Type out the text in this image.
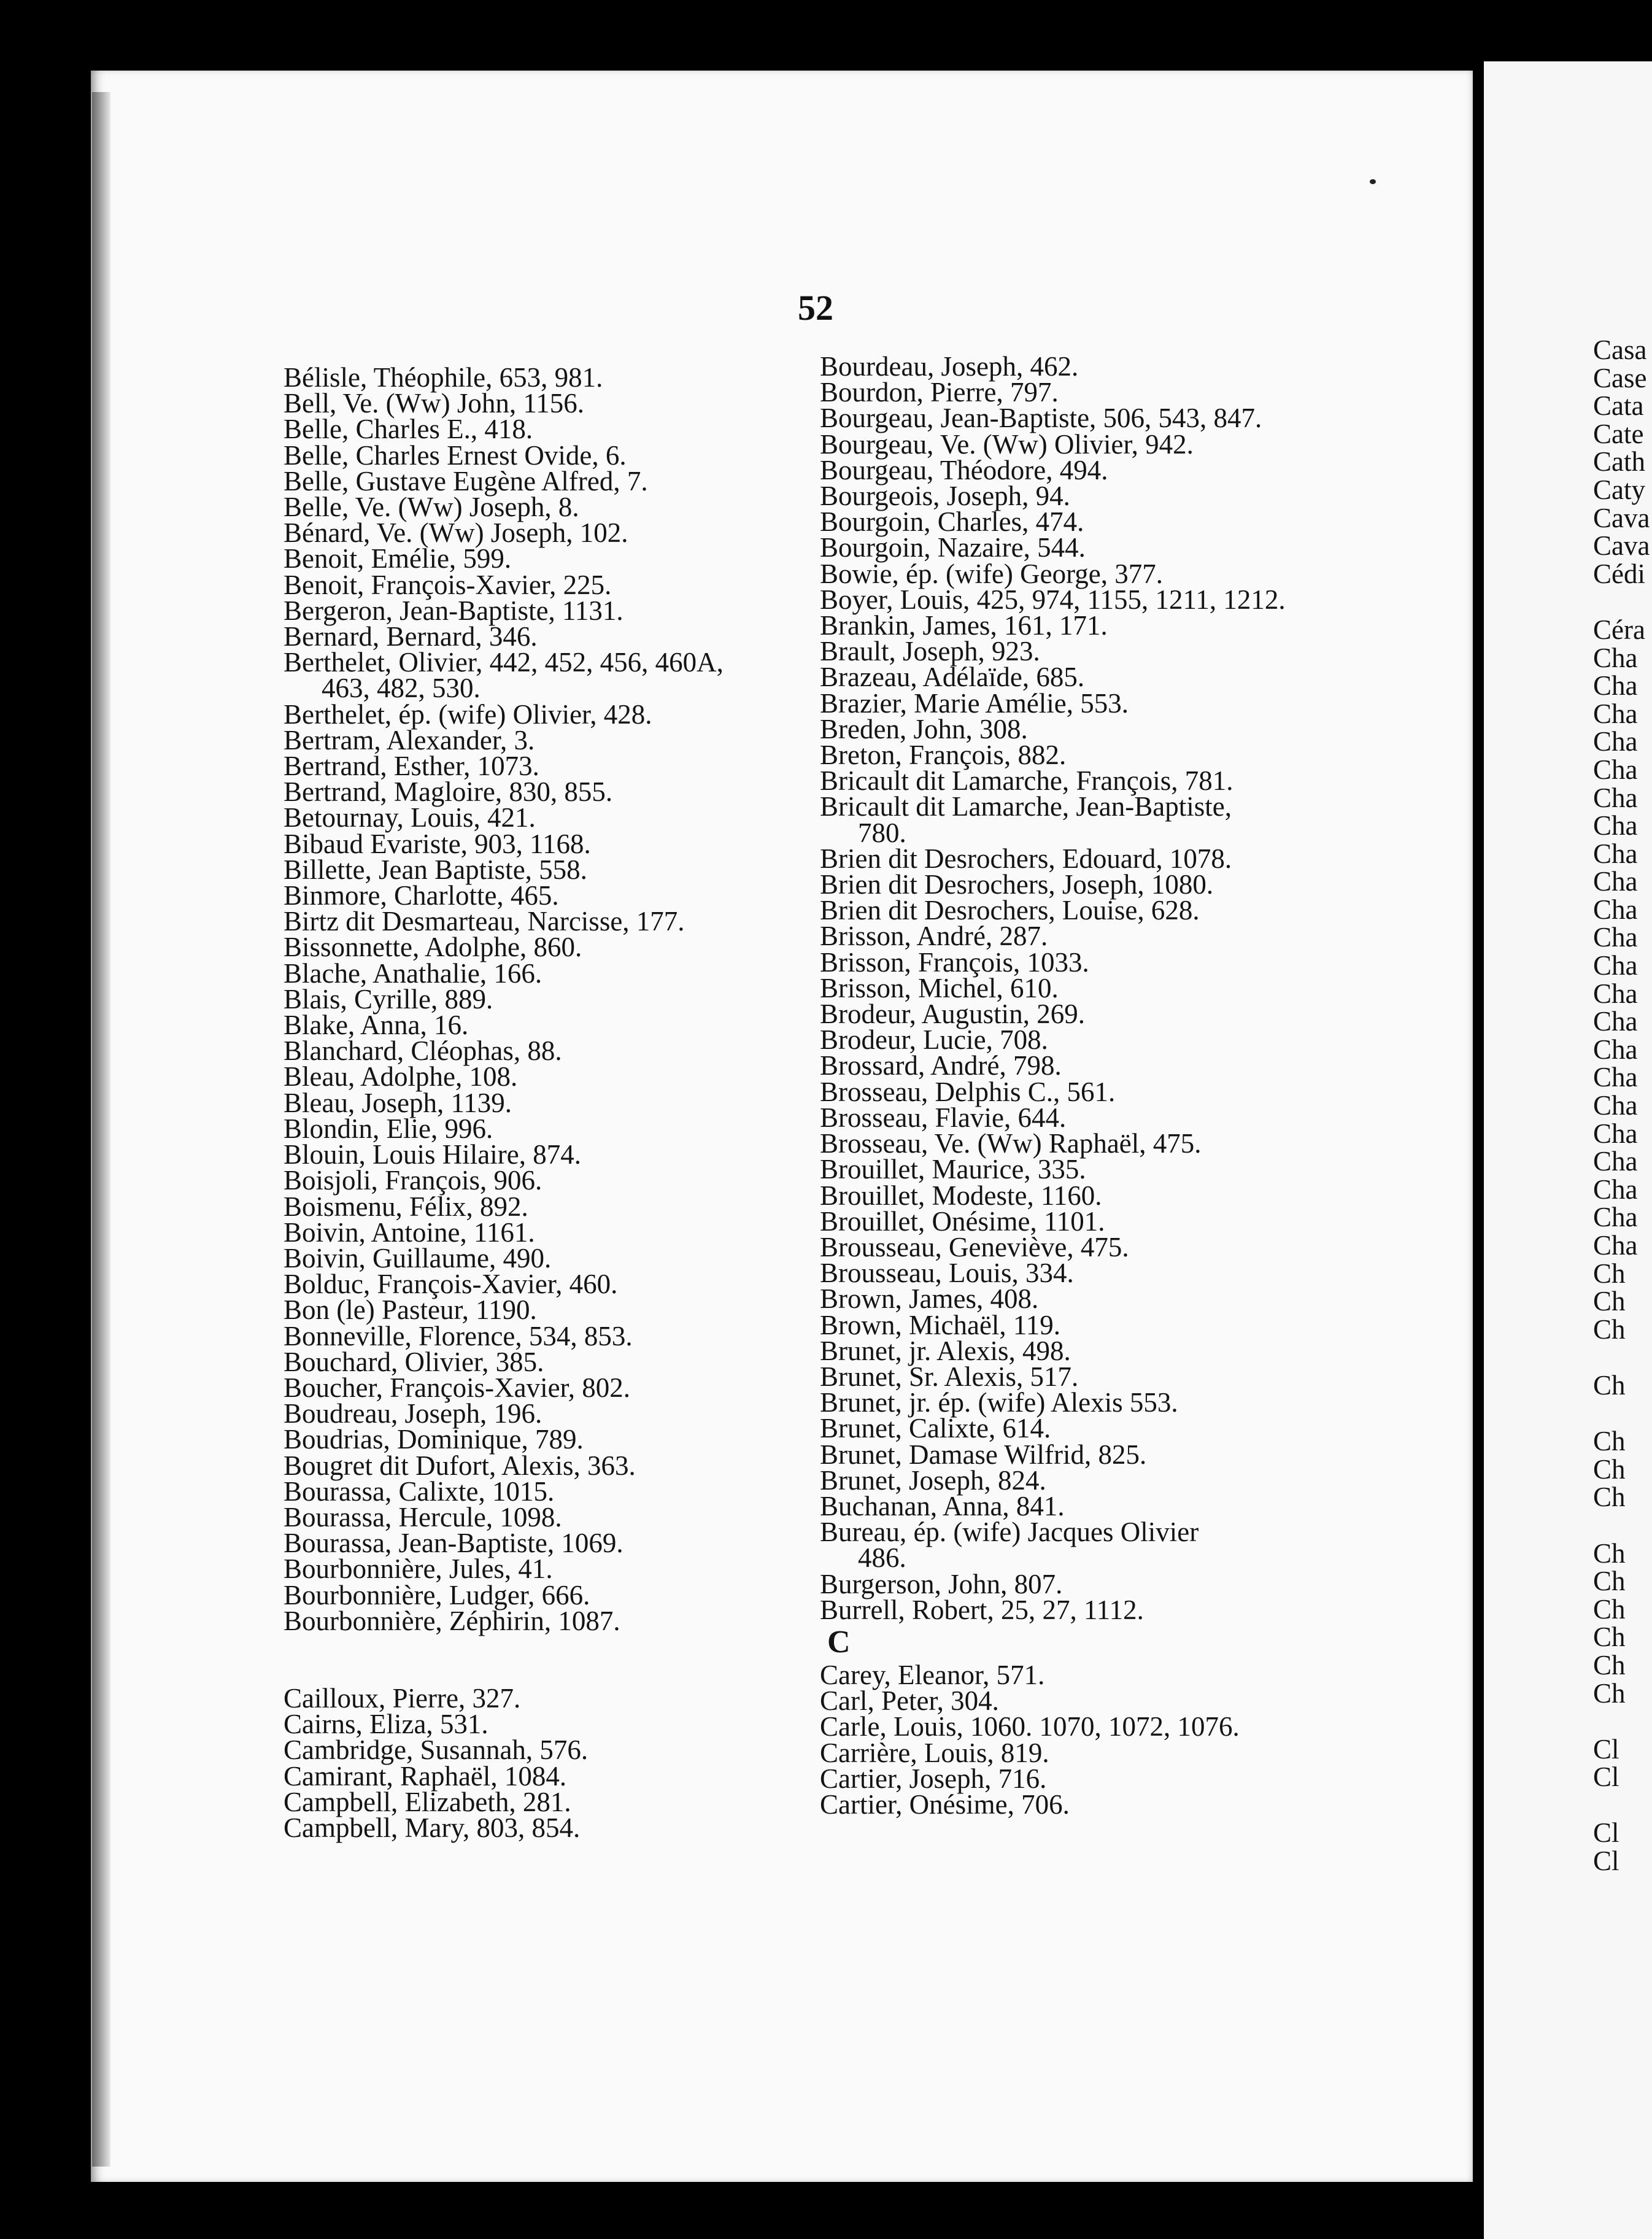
52
Bélisle, Théophile, 653, 981.
Bell, Ve. (Ww) John, 1156.
Belle, Charles E., 418.
Belle, Charles Ernest Ovide, 6.
Belle, Gustave Eugène Alfred, 7.
Belle, Ve. (Ww) Joseph, 8.
Bénard, Ve. (Ww) Joseph, 102.
Benoit, Emélie, 599.
Benoit, François-Xavier, 225.
Bergeron, Jean-Baptiste, 1131.
Bernard, Bernard, 346.
Berthelet, Olivier, 442, 452, 456, 460A,
463, 482, 530.
Berthelet, ép. (wife) Olivier, 428.
Bertram, Alexander, 3.
Bertrand, Esther, 1073.
Bertrand, Magloire, 830, 855.
Betournay, Louis, 421.
Bibaud Evariste, 903, 1168.
Billette, Jean Baptiste, 558.
Binmore, Charlotte, 465.
Birtz dit Desmarteau, Narcisse, 177.
Bissonnette, Adolphe, 860.
Blache, Anathalie, 166.
Blais, Cyrille, 889.
Blake, Anna, 16.
Blanchard, Cléophas, 88.
Bleau, Adolphe, 108.
Bleau, Joseph, 1139.
Blondin, Elie, 996.
Blouin, Louis Hilaire, 874.
Boisjoli, François, 906.
Boismenu, Félix, 892.
Boivin, Antoine, 1161.
Boivin, Guillaume, 490.
Bolduc, François-Xavier, 460.
Bon (le) Pasteur, 1190.
Bonneville, Florence, 534, 853.
Bouchard, Olivier, 385.
Boucher, François-Xavier, 802.
Boudreau, Joseph, 196.
Boudrias, Dominique, 789.
Bougret dit Dufort, Alexis, 363.
Bourassa, Calixte, 1015.
Bourassa, Hercule, 1098.
Bourassa, Jean-Baptiste, 1069.
Bourbonnière, Jules, 41.
Bourbonnière, Ludger, 666.
Bourbonnière, Zéphirin, 1087.
Cailloux, Pierre, 327.
Cairns, Eliza, 531.
Cambridge, Susannah, 576.
Camirant, Raphaël, 1084.
Campbell, Elizabeth, 281.
Campbell, Mary, 803, 854.
Bourdeau, Joseph, 462.
Bourdon, Pierre, 797.
Bourgeau, Jean-Baptiste, 506, 543, 847.
Bourgeau, Ve. (Ww) Olivier, 942.
Bourgeau, Théodore, 494.
Bourgeois, Joseph, 94.
Bourgoin, Charles, 474.
Bourgoin, Nazaire, 544.
Bowie, ép. (wife) George, 377.
Boyer, Louis, 425, 974, 1155, 1211, 1212.
Brankin, James, 161, 171.
Brault, Joseph, 923.
Brazeau, Adélaïde, 685.
Brazier, Marie Amélie, 553.
Breden, John, 308.
Breton, François, 882.
Bricault dit Lamarche, François, 781.
Bricault dit Lamarche, Jean-Baptiste,
780.
Brien dit Desrochers, Edouard, 1078.
Brien dit Desrochers, Joseph, 1080.
Brien dit Desrochers, Louise, 628.
Brisson, André, 287.
Brisson, François, 1033.
Brisson, Michel, 610.
Brodeur, Augustin, 269.
Brodeur, Lucie, 708.
Brossard, André, 798.
Brosseau, Delphis C., 561.
Brosseau, Flavie, 644.
Brosseau, Ve. (Ww) Raphaël, 475.
Brouillet, Maurice, 335.
Brouillet, Modeste, 1160.
Brouillet, Onésime, 1101.
Brousseau, Geneviève, 475.
Brousseau, Louis, 334.
Brown, James, 408.
Brown, Michaël, 119.
Brunet, jr. Alexis, 498.
Brunet, Sr. Alexis, 517.
Brunet, jr. ép. (wife) Alexis 553.
Brunet, Calixte, 614.
Brunet, Damase Wilfrid, 825.
Brunet, Joseph, 824.
Buchanan, Anna, 841.
Bureau, ép. (wife) Jacques Olivier
486.
Burgerson, John, 807.
Burrell, Robert, 25, 27, 1112.
C
Carey, Eleanor, 571.
Carl, Peter, 304.
Carle, Louis, 1060. 1070, 1072, 1076.
Carrière, Louis, 819.
Cartier, Joseph, 716.
Cartier, Onésime, 706.
Casa
Case
Cata
Cate
Cath
Caty
Cava
Cava
Cédi
Céra
Cha
Cha
Cha
Cha
Cha
Cha
Cha
Cha
Cha
Cha
Cha
Cha
Cha
Cha
Cha
Cha
Cha
Cha
Cha
Cha
Cha
Cha
Ch
Ch
Ch
Ch
Ch
Ch
Ch
Ch
Ch
Ch
Ch
Ch
Ch
Cl
Cl
Cl
Cl
